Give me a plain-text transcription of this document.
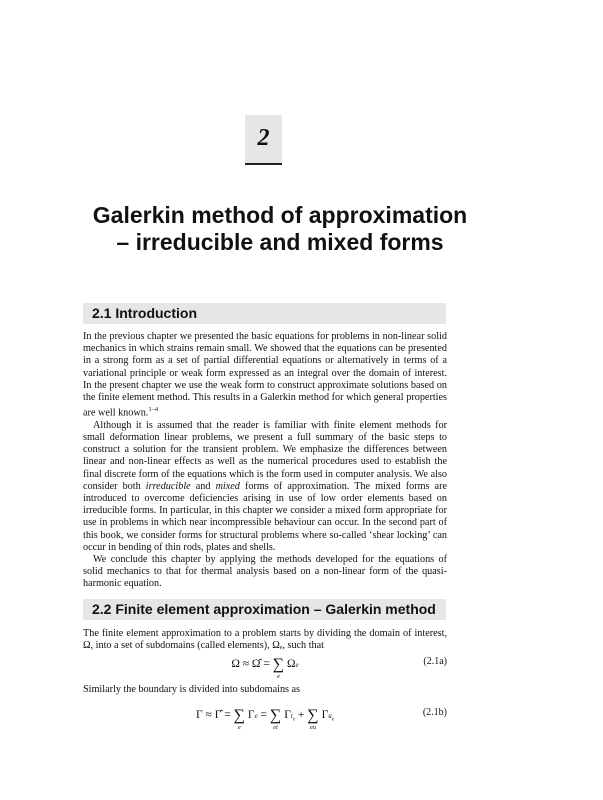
2
Galerkin method of approximation
– irreducible and mixed forms
2.1 Introduction

In the previous chapter we presented the basic equations for problems in non-linear solid mechanics in which strains remain small. We showed that the equations can be presented in a strong form as a set of partial differential equations or alternatively in terms of a variational principle or weak form expressed as an integral over the domain of interest. In the present chapter we use the weak form to construct approximate solutions based on the finite element method. This results in a Galerkin method for which general properties are well known.$^{1-4}$

Although it is assumed that the reader is familiar with finite element methods for small deformation linear problems, we present a full summary of the basic steps to construct a solution for the transient problem. We emphasize the differences between linear and non-linear effects as well as the numerical procedures used to establish the final discrete form of the equations which is the form used in computer analysis. We also consider both irreducible and mixed forms of approximation. The mixed forms are introduced to overcome deficiencies arising in use of low order elements based on irreducible forms. In particular, in this chapter we consider a mixed form appropriate for use in problems in which near incompressible behaviour can occur. In the second part of this book, we consider forms for structural problems where so-called ‘shear locking’ can occur in bending of thin rods, plates and shells.

We conclude this chapter by applying the methods developed for the equations of solid mechanics to that for thermal analysis based on a non-linear form of the quasi-harmonic equation.

2.2 Finite element approximation – Galerkin method

The finite element approximation to a problem starts by dividing the domain of interest, Ω, into a set of subdomains (called elements), Ωₑ, such that

Ω ≈ Ω̂ = ∑
e
Ωe	(2.1a)

Similarly the boundary is divided into subdomains as

Γ ≈ Γ̂ = ∑
e
Γe = ∑
et
$\Gamma t_e$ + ∑
eu
$\Gamma u_e$
(2.1b)
